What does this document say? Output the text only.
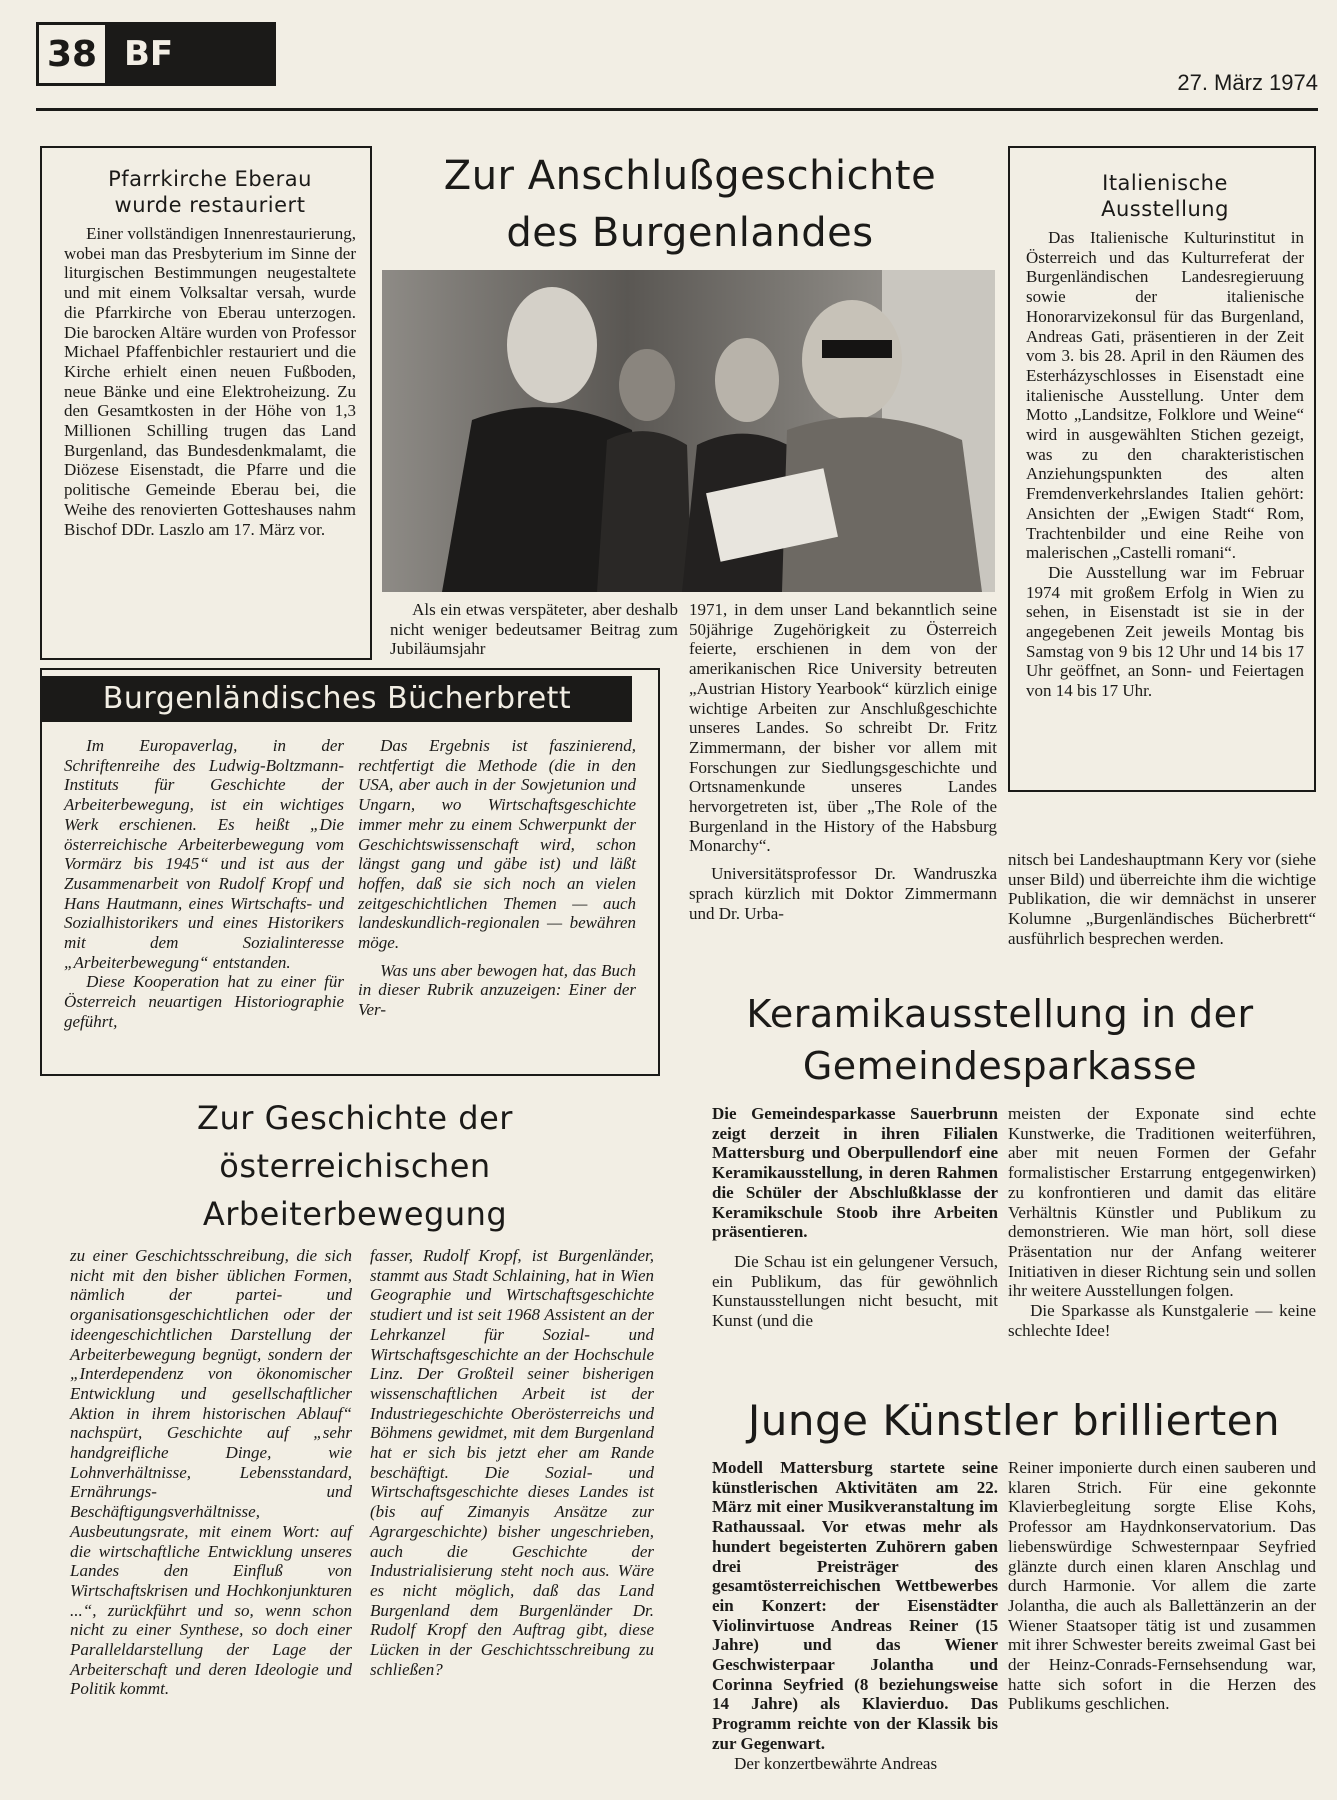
38 BF
27. März 1974
Pfarrkirche Eberau wurde restauriert

Einer vollständigen Innenrestaurierung, wobei man das Presbyterium im Sinne der liturgischen Bestimmungen neugestaltete und mit einem Volksaltar versah, wurde die Pfarrkirche von Eberau unterzogen. Die barocken Altäre wurden von Professor Michael Pfaffenbichler restauriert und die Kirche erhielt einen neuen Fußboden, neue Bänke und eine Elektroheizung. Zu den Gesamtkosten in der Höhe von 1,3 Millionen Schilling trugen das Land Burgenland, das Bundesdenkmalamt, die Diözese Eisenstadt, die Pfarre und die politische Gemeinde Eberau bei, die Weihe des renovierten Gotteshauses nahm Bischof DDr. Laszlo am 17. März vor.

Zur Anschlußgeschichte des Burgenlandes

Als ein etwas verspäteter, aber deshalb nicht weniger bedeutsamer Beitrag zum Jubiläumsjahr

1971, in dem unser Land bekanntlich seine 50jährige Zugehörigkeit zu Österreich feierte, erschienen in dem von der amerikanischen Rice University betreuten „Austrian History Yearbook“ kürzlich einige wichtige Arbeiten zur Anschlußgeschichte unseres Landes. So schreibt Dr. Fritz Zimmermann, der bisher vor allem mit Forschungen zur Siedlungsgeschichte und Ortsnamenkunde unseres Landes hervorgetreten ist, über „The Role of the Burgenland in the History of the Habsburg Monarchy“.

Universitätsprofessor Dr. Wandruszka sprach kürzlich mit Doktor Zimmermann und Dr. Urba-

Italienische Ausstellung

Das Italienische Kulturinstitut in Österreich und das Kulturreferat der Burgenländischen Landesregieruung sowie der italienische Honorarvizekonsul für das Burgenland, Andreas Gati, präsentieren in der Zeit vom 3. bis 28. April in den Räumen des Esterházyschlosses in Eisenstadt eine italienische Ausstellung. Unter dem Motto „Landsitze, Folklore und Weine“ wird in ausgewählten Stichen gezeigt, was zu den charakteristischen Anziehungspunkten des alten Fremdenverkehrslandes Italien gehört: Ansichten der „Ewigen Stadt“ Rom, Trachtenbilder und eine Reihe von malerischen „Castelli romani“.

Die Ausstellung war im Februar 1974 mit großem Erfolg in Wien zu sehen, in Eisenstadt ist sie in der angegebenen Zeit jeweils Montag bis Samstag von 9 bis 12 Uhr und 14 bis 17 Uhr geöffnet, an Sonn- und Feiertagen von 14 bis 17 Uhr.

nitsch bei Landeshauptmann Kery vor (siehe unser Bild) und überreichte ihm die wichtige Publikation, die wir demnächst in unserer Kolumne „Burgenländisches Bücherbrett“ ausführlich besprechen werden.

Burgenländisches Bücherbrett

Im Europaverlag, in der Schriftenreihe des Ludwig-Boltzmann-Instituts für Geschichte der Arbeiterbewegung, ist ein wichtiges Werk erschienen. Es heißt „Die österreichische Arbeiterbewegung vom Vormärz bis 1945“ und ist aus der Zusammenarbeit von Rudolf Kropf und Hans Hautmann, eines Wirtschafts- und Sozialhistorikers und eines Historikers mit dem Sozialinteresse „Arbeiterbewegung“ entstanden.

Diese Kooperation hat zu einer für Österreich neuartigen Historiographie geführt,

Das Ergebnis ist faszinierend, rechtfertigt die Methode (die in den USA, aber auch in der Sowjetunion und Ungarn, wo Wirtschaftsgeschichte immer mehr zu einem Schwerpunkt der Geschichtswissenschaft wird, schon längst gang und gäbe ist) und läßt hoffen, daß sie sich noch an vielen zeitgeschichtlichen Themen — auch landeskundlich-regionalen — bewähren möge.

Was uns aber bewogen hat, das Buch in dieser Rubrik anzuzeigen: Einer der Ver-

Zur Geschichte der österreichischen Arbeiterbewegung

zu einer Geschichtsschreibung, die sich nicht mit den bisher üblichen Formen, nämlich der partei- und organisationsgeschichtlichen oder der ideengeschichtlichen Darstellung der Arbeiterbewegung begnügt, sondern der „Interdependenz von ökonomischer Entwicklung und gesellschaftlicher Aktion in ihrem historischen Ablauf“ nachspürt, Geschichte auf „sehr handgreifliche Dinge, wie Lohnverhältnisse, Lebensstandard, Ernährungs- und Beschäftigungsverhältnisse, Ausbeutungsrate, mit einem Wort: auf die wirtschaftliche Entwicklung unseres Landes den Einfluß von Wirtschaftskrisen und Hochkonjunkturen ...“, zurückführt und so, wenn schon nicht zu einer Synthese, so doch einer Paralleldarstellung der Lage der Arbeiterschaft und deren Ideologie und Politik kommt.

fasser, Rudolf Kropf, ist Burgenländer, stammt aus Stadt Schlaining, hat in Wien Geographie und Wirtschaftsgeschichte studiert und ist seit 1968 Assistent an der Lehrkanzel für Sozial- und Wirtschaftsgeschichte an der Hochschule Linz. Der Großteil seiner bisherigen wissenschaftlichen Arbeit ist der Industriegeschichte Oberösterreichs und Böhmens gewidmet, mit dem Burgenland hat er sich bis jetzt eher am Rande beschäftigt. Die Sozial- und Wirtschaftsgeschichte dieses Landes ist (bis auf Zimanyis Ansätze zur Agrargeschichte) bisher ungeschrieben, auch die Geschichte der Industrialisierung steht noch aus. Wäre es nicht möglich, daß das Land Burgenland dem Burgenländer Dr. Rudolf Kropf den Auftrag gibt, diese Lücken in der Geschichtsschreibung zu schließen?

Keramikausstellung in der Gemeindesparkasse

Die Gemeindesparkasse Sauerbrunn zeigt derzeit in ihren Filialen Mattersburg und Oberpullendorf eine Keramikausstellung, in deren Rahmen die Schüler der Abschlußklasse der Keramikschule Stoob ihre Arbeiten präsentieren.

Die Schau ist ein gelungener Versuch, ein Publikum, das für gewöhnlich Kunstausstellungen nicht besucht, mit Kunst (und die

meisten der Exponate sind echte Kunstwerke, die Traditionen weiterführen, aber mit neuen Formen der Gefahr formalistischer Erstarrung entgegenwirken) zu konfrontieren und damit das elitäre Verhältnis Künstler und Publikum zu demonstrieren. Wie man hört, soll diese Präsentation nur der Anfang weiterer Initiativen in dieser Richtung sein und sollen ihr weitere Ausstellungen folgen.

Die Sparkasse als Kunstgalerie — keine schlechte Idee!

Junge Künstler brillierten

Modell Mattersburg startete seine künstlerischen Aktivitäten am 22. März mit einer Musikveranstaltung im Rathaussaal. Vor etwas mehr als hundert begeisterten Zuhörern gaben drei Preisträger des gesamtösterreichischen Wettbewerbes ein Konzert: der Eisenstädter Violinvirtuose Andreas Reiner (15 Jahre) und das Wiener Geschwisterpaar Jolantha und Corinna Seyfried (8 beziehungsweise 14 Jahre) als Klavierduo. Das Programm reichte von der Klassik bis zur Gegenwart.

Der konzertbewährte Andreas

Reiner imponierte durch einen sauberen und klaren Strich. Für eine gekonnte Klavierbegleitung sorgte Elise Kohs, Professor am Haydnkonservatorium. Das liebenswürdige Schwesternpaar Seyfried glänzte durch einen klaren Anschlag und durch Harmonie. Vor allem die zarte Jolantha, die auch als Ballettänzerin an der Wiener Staatsoper tätig ist und zusammen mit ihrer Schwester bereits zweimal Gast bei der Heinz-Conrads-Fernsehsendung war, hatte sich sofort in die Herzen des Publikums geschlichen.
